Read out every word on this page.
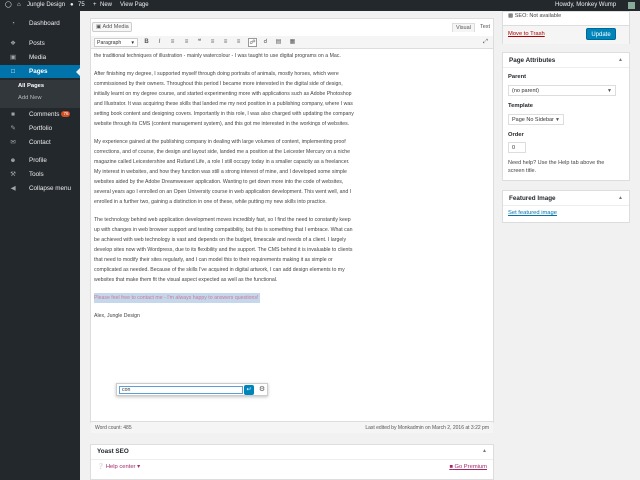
◯ ⌂ Jungle Design ● 75 + New View Page	Howdy, Monkey Wump
◔	Dashboard
❖	Posts
▣	Media
□	Pages
All Pages
Add New
■	Comments 76
✎	Portfolio
✉	Contact
☻ Profile
⚒	Tools
◀	Collapse menu
▣ Add Media	Visual	Text
Paragraph ▼	B	I	≡	≡	❝	≡	≡	≡	☍	☌	▤ ▦	⤢

the traditional techniques of illustration - mainly watercolour - I was taught to use digital programs on a Mac.

After finishing my degree, I supported myself through doing portraits of animals, mostly horses, which were commissioned by their owners. Throughout this period I became more interested in the digital side of design, initially learnt on my degree course, and started experimenting more with applications such as Adobe Photoshop and Illustrator. It was acquiring these skills that landed me my next position in a publishing company, where I was setting book content and designing covers. Importantly in this role, I was also charged with updating the company website through its CMS (content management system), and this got me interested in the workings of websites.

My experience gained at the publishing company in dealing with large volumes of content, implementing proof corrections, and of course, the design and layout side, landed me a position at the Leicester Mercury on a niche magazine called Leicestershire and Rutland Life, a role I still occupy today in a smaller capacity as a freelancer. My interest in websites, and how they function was still a strong interest of mine, and I developed some simple websites aided by the Adobe Dreamweaver application. Wanting to get down more into the code of websites, several years ago I enrolled on an Open University course in web application development. This went well, and I enrolled in a further two, gaining a distinction in one of these, while putting my new skills into practice.

The technology behind web application development moves incredibly fast, so I find the need to constantly keep up with changes in web browser support and testing compatibility, but this is something that I embrace. What can be achieved with web technology is vast and depends on the budget, timescale and needs of a client. I largely develop sites now with Wordpress, due to its flexibility and the support. The CMS behind it is invaluable to clients that need to modify their sites regularly, and I can model this to their requirements making it as simple or complicated as needed. Because of the skills I've acquired in digital artwork, I can add design elements to my websites that make them fit the visual aspect expected as well as the functional.

Please feel free to contact me - I'm always happy to answers questions!

Alex, Jungle Design

con	↵	⚙
Word count: 485	Last edited by Monkadmin on March 2, 2016 at 3:22 pm
Yoast SEO	▲
❔ Help center ▾	■ Go Premium
▩ SEO: Not available
Move to Trash	Update
Page Attributes	▲
Parent
(no parent)	▼
Template
Page No Sidebar ▼
Order
0
Need help? Use the Help tab above the screen title.
Featured Image	▲
Set featured image
